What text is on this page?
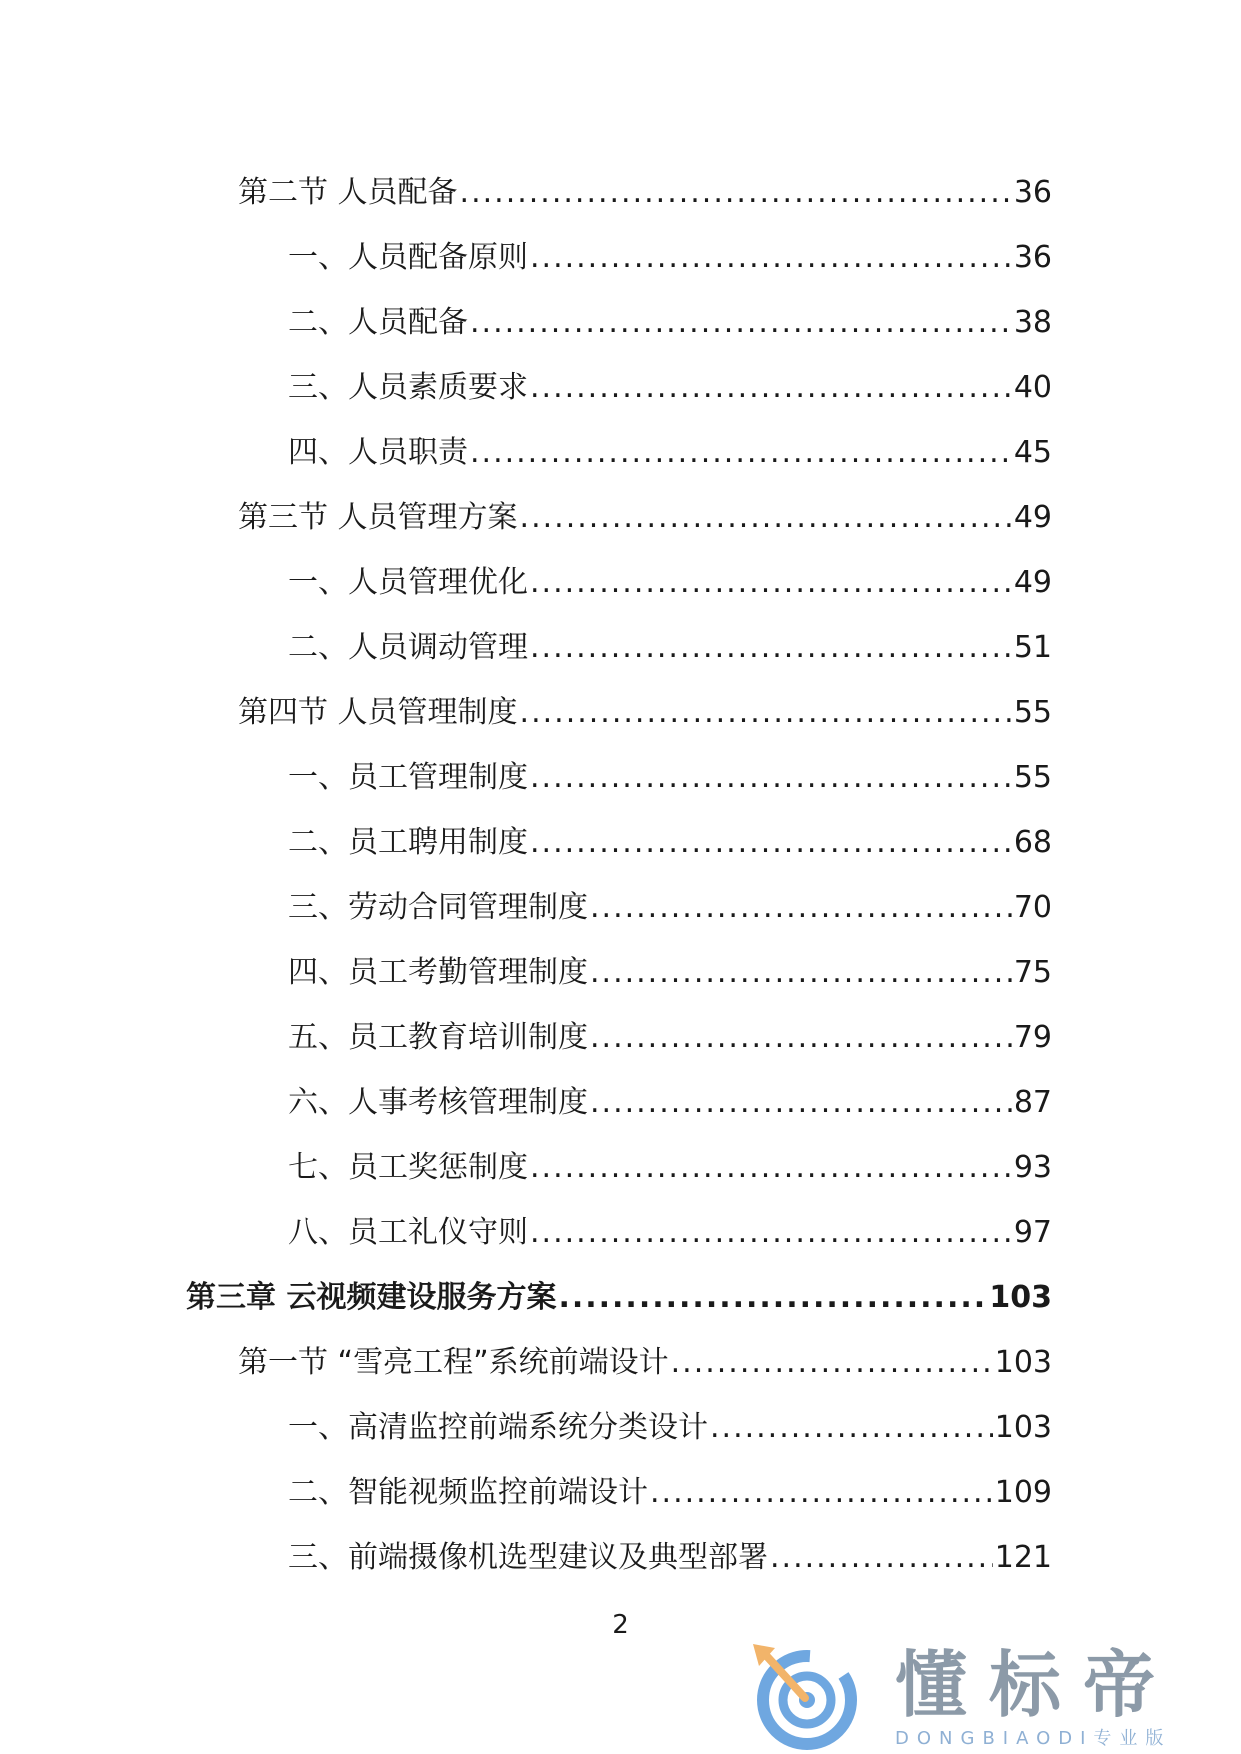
第二节 人员配备 .....	36
一、人员配备原则 .....	36
二、人员配备 .....	38
三、人员素质要求 .....	40
四、人员职责 .....	45
第三节 人员管理方案 .....	49
一、人员管理优化 .....	49
二、人员调动管理 .....	51
第四节 人员管理制度 .....	55
一、员工管理制度 .....	55
二、员工聘用制度 .....	68
三、劳动合同管理制度 .....	70
四、员工考勤管理制度 .....	75
五、员工教育培训制度 .....	79
六、人事考核管理制度 .....	87
七、员工奖惩制度 .....	93
八、员工礼仪守则 .....	97
第三章 云视频建设服务方案 .....	103
第一节 “雪亮工程”系统前端设计 .....	103
一、高清监控前端系统分类设计 .....	103
二、智能视频监控前端设计 .....	109
三、前端摄像机选型建议及典型部署 .....	121
2
懂标帝
DONGBIAODI专业版
